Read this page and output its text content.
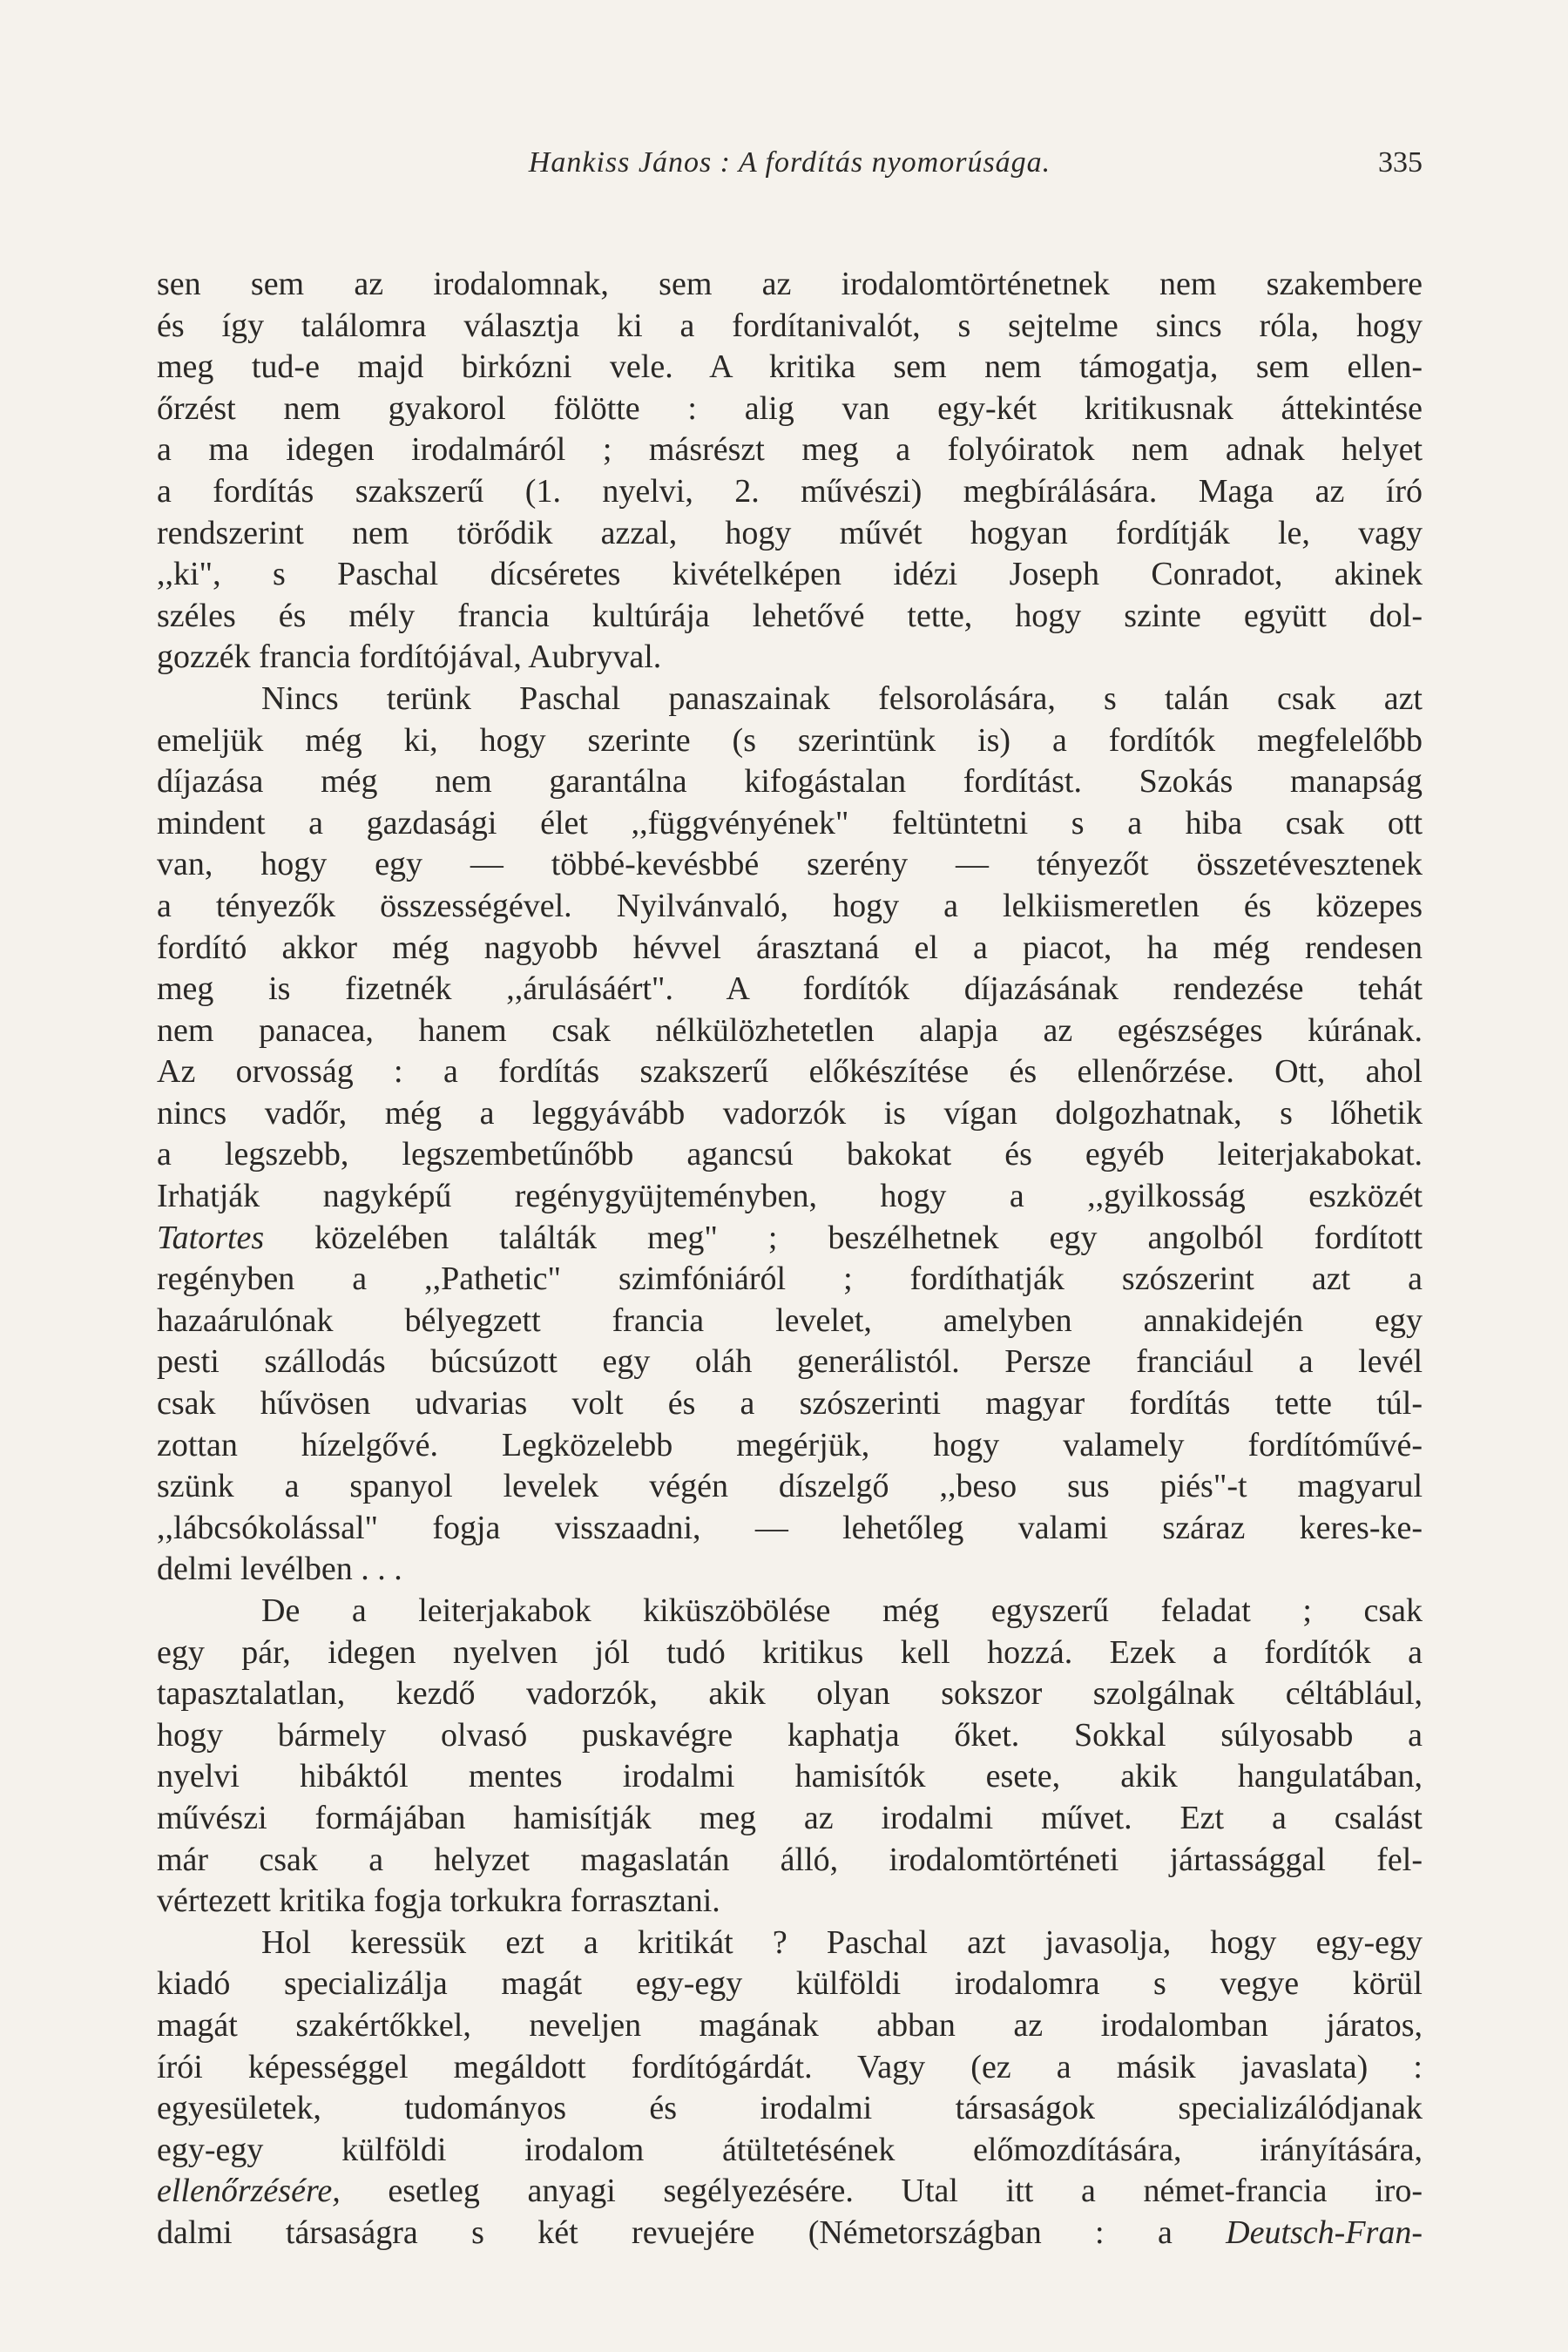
Hankiss János : A fordítás nyomorúsága.	335
sen sem az irodalomnak, sem az irodalomtörténetnek nem szakembere
és így találomra választja ki a fordítanivalót, s sejtelme sincs róla, hogy
meg tud-e majd birkózni vele. A kritika sem nem támogatja, sem ellen-
őrzést nem gyakorol fölötte : alig van egy-két kritikusnak áttekintése
a ma idegen irodalmáról ; másrészt meg a folyóiratok nem adnak helyet
a fordítás szakszerű (1. nyelvi, 2. művészi) megbírálására. Maga az író
rendszerint nem törődik azzal, hogy művét hogyan fordítják le, vagy
,,ki", s Paschal dícséretes kivételképen idézi Joseph Conradot, akinek
széles és mély francia kultúrája lehetővé tette, hogy szinte együtt dol-
gozzék francia fordítójával, Aubryval.
Nincs terünk Paschal panaszainak felsorolására, s talán csak azt
emeljük még ki, hogy szerinte (s szerintünk is) a fordítók megfelelőbb
díjazása még nem garantálna kifogástalan fordítást. Szokás manapság
mindent a gazdasági élet ,,függvényének" feltüntetni s a hiba csak ott
van, hogy egy — többé-kevésbbé szerény — tényezőt összetévesztenek
a tényezők összességével. Nyilvánvaló, hogy a lelkiismeretlen és közepes
fordító akkor még nagyobb hévvel árasztaná el a piacot, ha még rendesen
meg is fizetnék ,,árulásáért". A fordítók díjazásának rendezése tehát
nem panacea, hanem csak nélkülözhetetlen alapja az egészséges kúrának.
Az orvosság : a fordítás szakszerű előkészítése és ellenőrzése. Ott, ahol
nincs vadőr, még a leggyávább vadorzók is vígan dolgozhatnak, s lőhetik
a legszebb, legszembetűnőbb agancsú bakokat és egyéb leiterjakabokat.
Irhatják nagyképű regénygyüjteményben, hogy a ,,gyilkosság eszközét
Tatortes közelében találták meg" ; beszélhetnek egy angolból fordított
regényben a ,,Pathetic" szimfóniáról ; fordíthatják szószerint azt a
hazaárulónak bélyegzett francia levelet, amelyben annakidején egy
pesti szállodás búcsúzott egy oláh generálistól. Persze franciául a levél
csak hűvösen udvarias volt és a szószerinti magyar fordítás tette túl-
zottan hízelgővé. Legközelebb megérjük, hogy valamely fordítóművé-
szünk a spanyol levelek végén díszelgő ,,beso sus piés"-t magyarul
,,lábcsókolással" fogja visszaadni, — lehetőleg valami száraz keres-ke-
delmi levélben . . .
De a leiterjakabok kiküszöbölése még egyszerű feladat ; csak
egy pár, idegen nyelven jól tudó kritikus kell hozzá. Ezek a fordítók a
tapasztalatlan, kezdő vadorzók, akik olyan sokszor szolgálnak céltáblául,
hogy bármely olvasó puskavégre kaphatja őket. Sokkal súlyosabb a
nyelvi hibáktól mentes irodalmi hamisítók esete, akik hangulatában,
művészi formájában hamisítják meg az irodalmi művet. Ezt a csalást
már csak a helyzet magaslatán álló, irodalomtörténeti jártassággal fel-
vértezett kritika fogja torkukra forrasztani.
Hol keressük ezt a kritikát ? Paschal azt javasolja, hogy egy-egy
kiadó specializálja magát egy-egy külföldi irodalomra s vegye körül
magát szakértőkkel, neveljen magának abban az irodalomban járatos,
írói képességgel megáldott fordítógárdát. Vagy (ez a másik javaslata) :
egyesületek, tudományos és irodalmi társaságok specializálódjanak
egy-egy külföldi irodalom átültetésének előmozdítására, irányítására,
ellenőrzésére, esetleg anyagi segélyezésére. Utal itt a német-francia iro-
dalmi társaságra s két revuejére (Németországban : a Deutsch-Fran-
